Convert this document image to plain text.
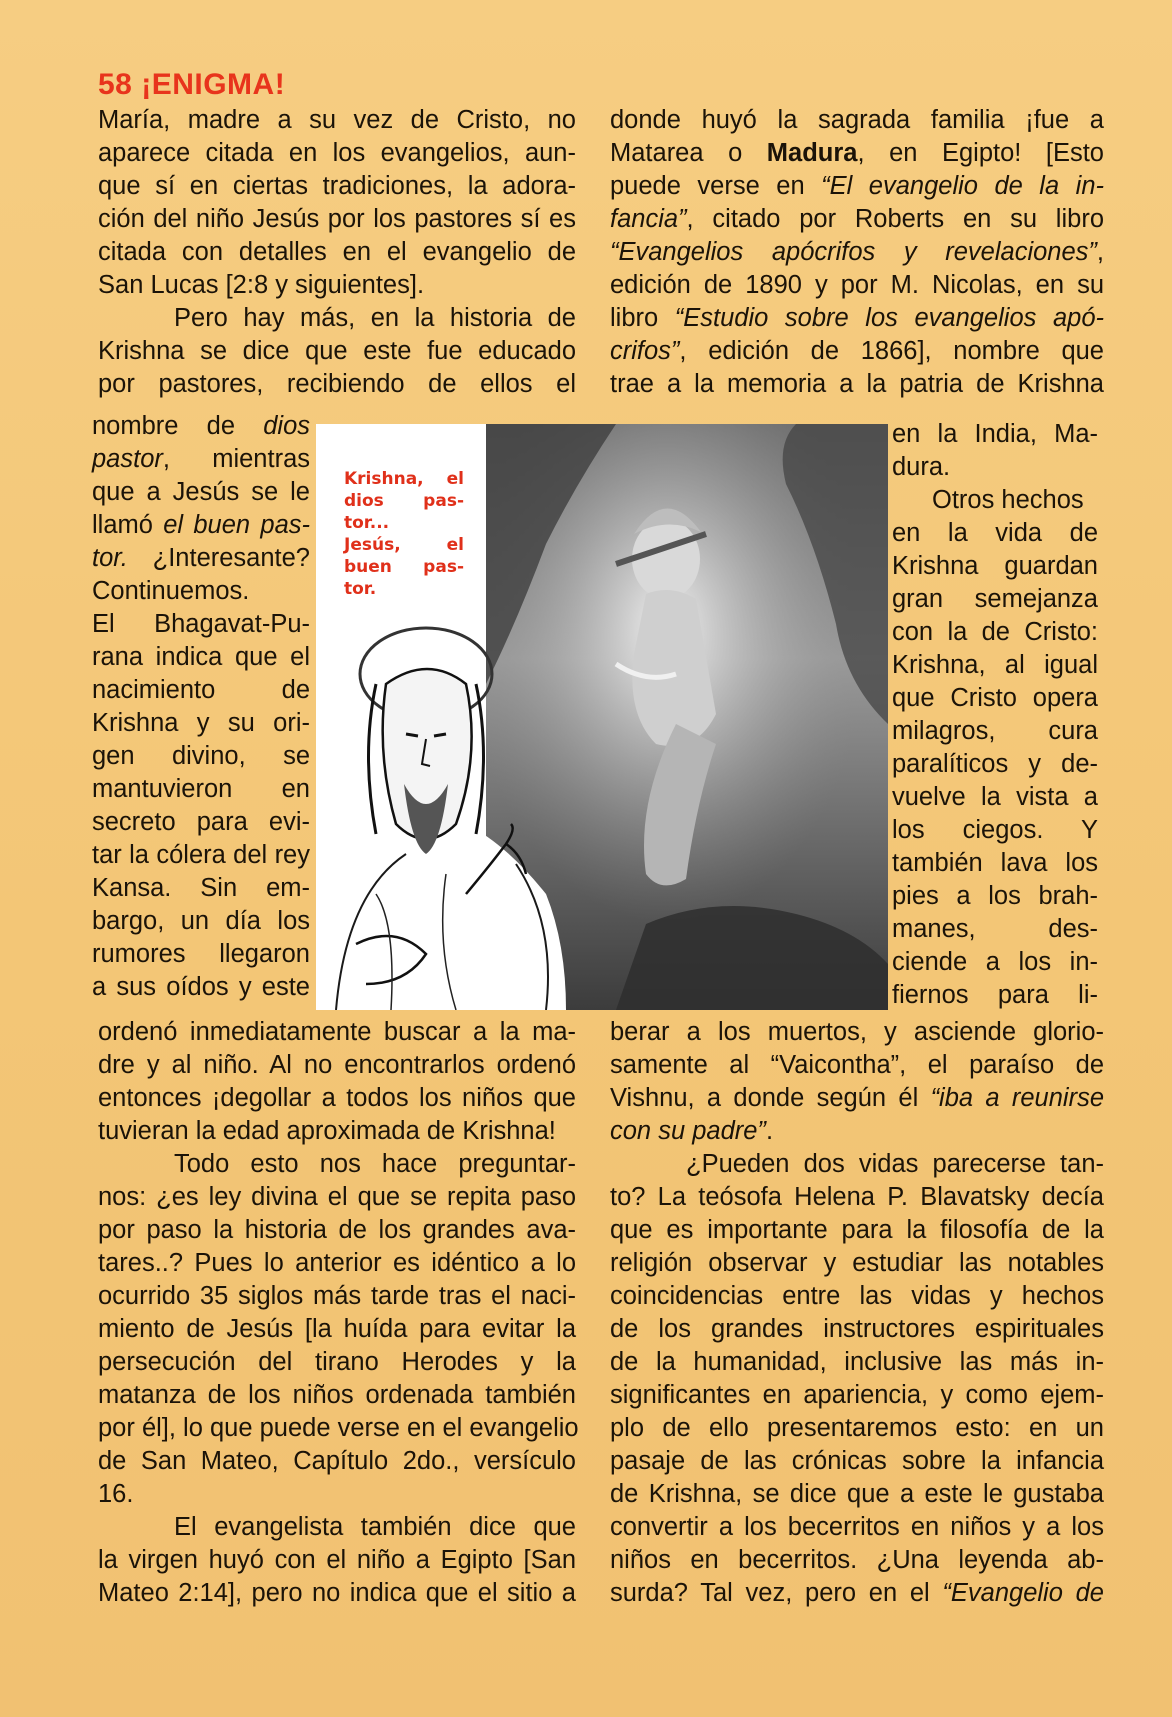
58 ¡ENIGMA!
María, madre a su vez de Cristo, no
aparece citada en los evangelios, aun-
que sí en ciertas tradiciones, la adora-
ción del niño Jesús por los pastores sí es
citada con detalles en el evangelio de
San Lucas [2:8 y siguientes].
Pero hay más, en la historia de
Krishna se dice que este fue educado
por pastores, recibiendo de ellos el
nombre de dios
pastor, mientras
que a Jesús se le
llamó el buen pas-
tor. ¿Interesante?
Continuemos.
El Bhagavat-Pu-
rana indica que el
nacimiento de
Krishna y su ori-
gen divino, se
mantuvieron en
secreto para evi-
tar la cólera del rey
Kansa. Sin em-
bargo, un día los
rumores llegaron
a sus oídos y este
ordenó inmediatamente buscar a la ma-
dre y al niño. Al no encontrarlos ordenó
entonces ¡degollar a todos los niños que
tuvieran la edad aproximada de Krishna!
Todo esto nos hace preguntar-
nos: ¿es ley divina el que se repita paso
por paso la historia de los grandes ava-
tares..? Pues lo anterior es idéntico a lo
ocurrido 35 siglos más tarde tras el naci-
miento de Jesús [la huída para evitar la
persecución del tirano Herodes y la
matanza de los niños ordenada también
por él], lo que puede verse en el evangelio
de San Mateo, Capítulo 2do., versículo
16.
El evangelista también dice que
la virgen huyó con el niño a Egipto [San
Mateo 2:14], pero no indica que el sitio a
donde huyó la sagrada familia ¡fue a
Matarea o Madura, en Egipto! [Esto
puede verse en “El evangelio de la in-
fancia”, citado por Roberts en su libro
“Evangelios apócrifos y revelaciones”,
edición de 1890 y por M. Nicolas, en su
libro “Estudio sobre los evangelios apó-
crifos”, edición de 1866], nombre que
trae a la memoria a la patria de Krishna
en la India, Ma-
dura.
Otros hechos
en la vida de
Krishna guardan
gran semejanza
con la de Cristo:
Krishna, al igual
que Cristo opera
milagros, cura
paralíticos y de-
vuelve la vista a
los ciegos. Y
también lava los
pies a los brah-
manes, des-
ciende a los in-
fiernos para li-
berar a los muertos, y asciende glorio-
samente al “Vaicontha”, el paraíso de
Vishnu, a donde según él “iba a reunirse
con su padre”.
¿Pueden dos vidas parecerse tan-
to? La teósofa Helena P. Blavatsky decía
que es importante para la filosofía de la
religión observar y estudiar las notables
coincidencias entre las vidas y hechos
de los grandes instructores espirituales
de la humanidad, inclusive las más in-
significantes en apariencia, y como ejem-
plo de ello presentaremos esto: en un
pasaje de las crónicas sobre la infancia
de Krishna, se dice que a este le gustaba
convertir a los becerritos en niños y a los
niños en becerritos. ¿Una leyenda ab-
surda? Tal vez, pero en el “Evangelio de
Krishna, el
dios pas-
tor...
Jesús, el
buen pas-
tor.
